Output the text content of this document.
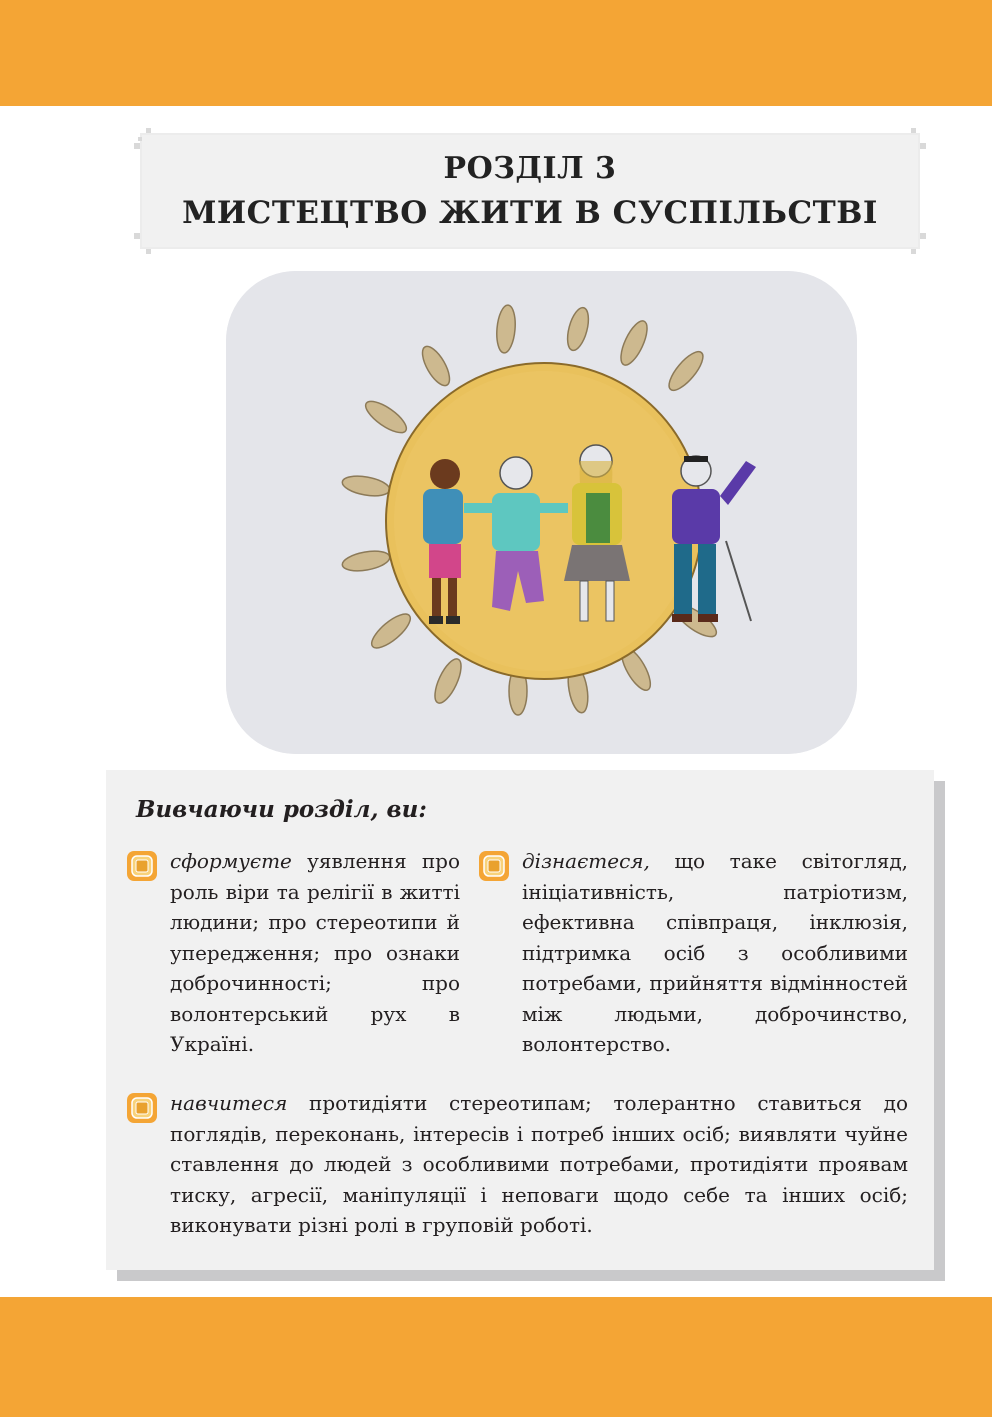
РОЗДІЛ 3
МИСТЕЦТВО ЖИТИ В СУСПІЛЬСТВІ
Вивчаючи розділ, ви:
сформуєте уявлення про роль віри та релігії в житті людини; про стереотипи й упередження; про ознаки доброчинності; про волонтерський рух в Україні.
дізнаєтеся, що таке світогляд, ініціативність, патріотизм, ефективна співпраця, інклюзія, підтримка осіб з особливими потребами, прийняття відмінностей між людьми, доброчинство, волонтерство.
навчитеся протидіяти стереотипам; толерантно ставиться до поглядів, переконань, інтересів і потреб інших осіб; виявляти чуйне ставлення до людей з особливими потребами, протидіяти проявам тиску, агресії, маніпуляції і неповаги щодо себе та інших осіб; виконувати різні ролі в груповій роботі.
